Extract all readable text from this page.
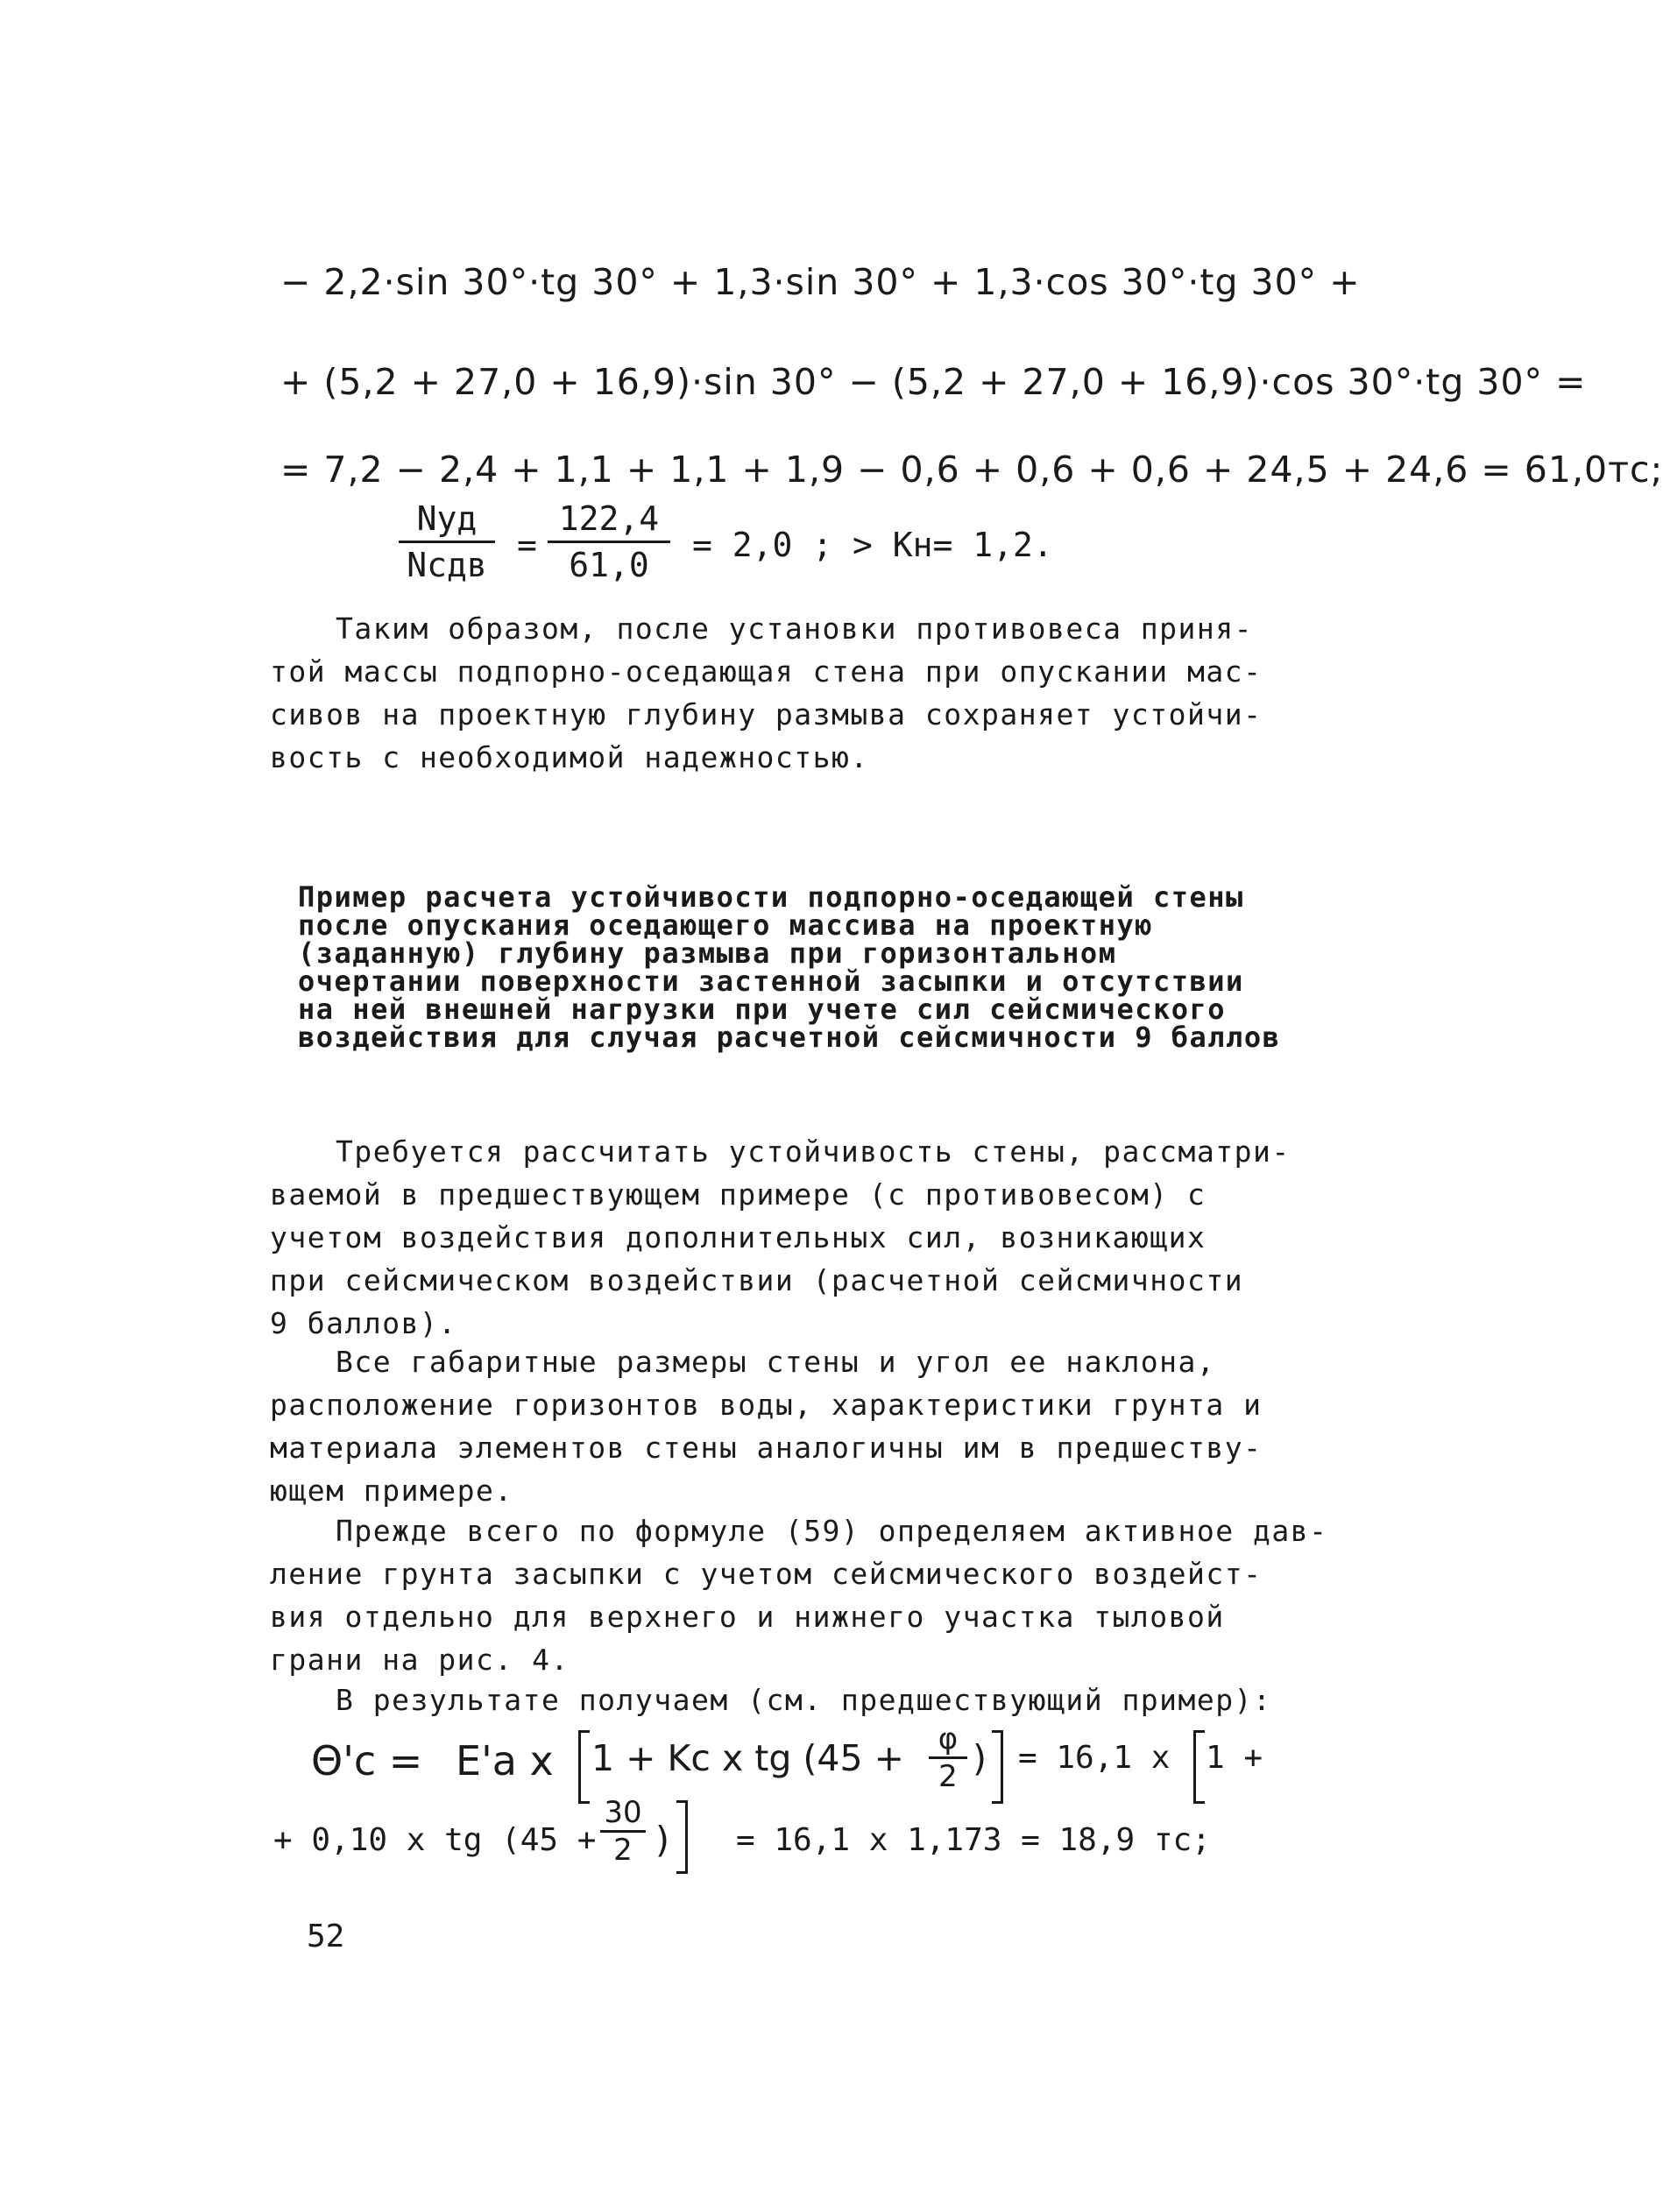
− 2,2·sin 30°·tg 30° + 1,3·sin 30° + 1,3·cos 30°·tg 30° +
+ (5,2 + 27,0 + 16,9)·sin 30° − (5,2 + 27,0 + 16,9)·cos 30°·tg 30° =
= 7,2 − 2,4 + 1,1 + 1,1 + 1,9 − 0,6 + 0,6 + 0,6 + 24,5 + 24,6 = 61,0тс;
Nуд
Nсдв
=
122,4
61,0
= 2,0 ; > Kн= 1,2.
Таким образом, после установки противовеса приня-
той массы подпорно-оседающая стена при опускании мас-
сивов на проектную глубину размыва сохраняет устойчи-
вость с необходимой надежностью.
Пример расчета устойчивости подпорно-оседающей стены
после опускания оседающего массива на проектную
(заданную) глубину размыва при горизонтальном
очертании поверхности застенной засыпки и отсутствии
на ней внешней нагрузки при учете сил сейсмического
воздействия для случая расчетной сейсмичности 9 баллов
Требуется рассчитать устойчивость стены, рассматри-
ваемой в предшествующем примере (с противовесом) с
учетом воздействия дополнительных сил, возникающих
при сейсмическом воздействии (расчетной сейсмичности
9 баллов).
Все габаритные размеры стены и угол ее наклона,
расположение горизонтов воды, характеристики грунта и
материала элементов стены аналогичны им в предшеству-
ющем примере.
Прежде всего по формуле (59) определяем активное дав-
ление грунта засыпки с учетом сейсмического воздейст-
вия отдельно для верхнего и нижнего участка тыловой
грани на рис. 4.
В результате получаем (см. предшествующий пример):
Θ'c = E'a x 1 + Kc x tg (45 +	φ
2 ) = 16,1 x 1 +
+ 0,10 x tg (45 +
30
2 ) = 16,1 x 1,173 = 18,9 тс;
52
